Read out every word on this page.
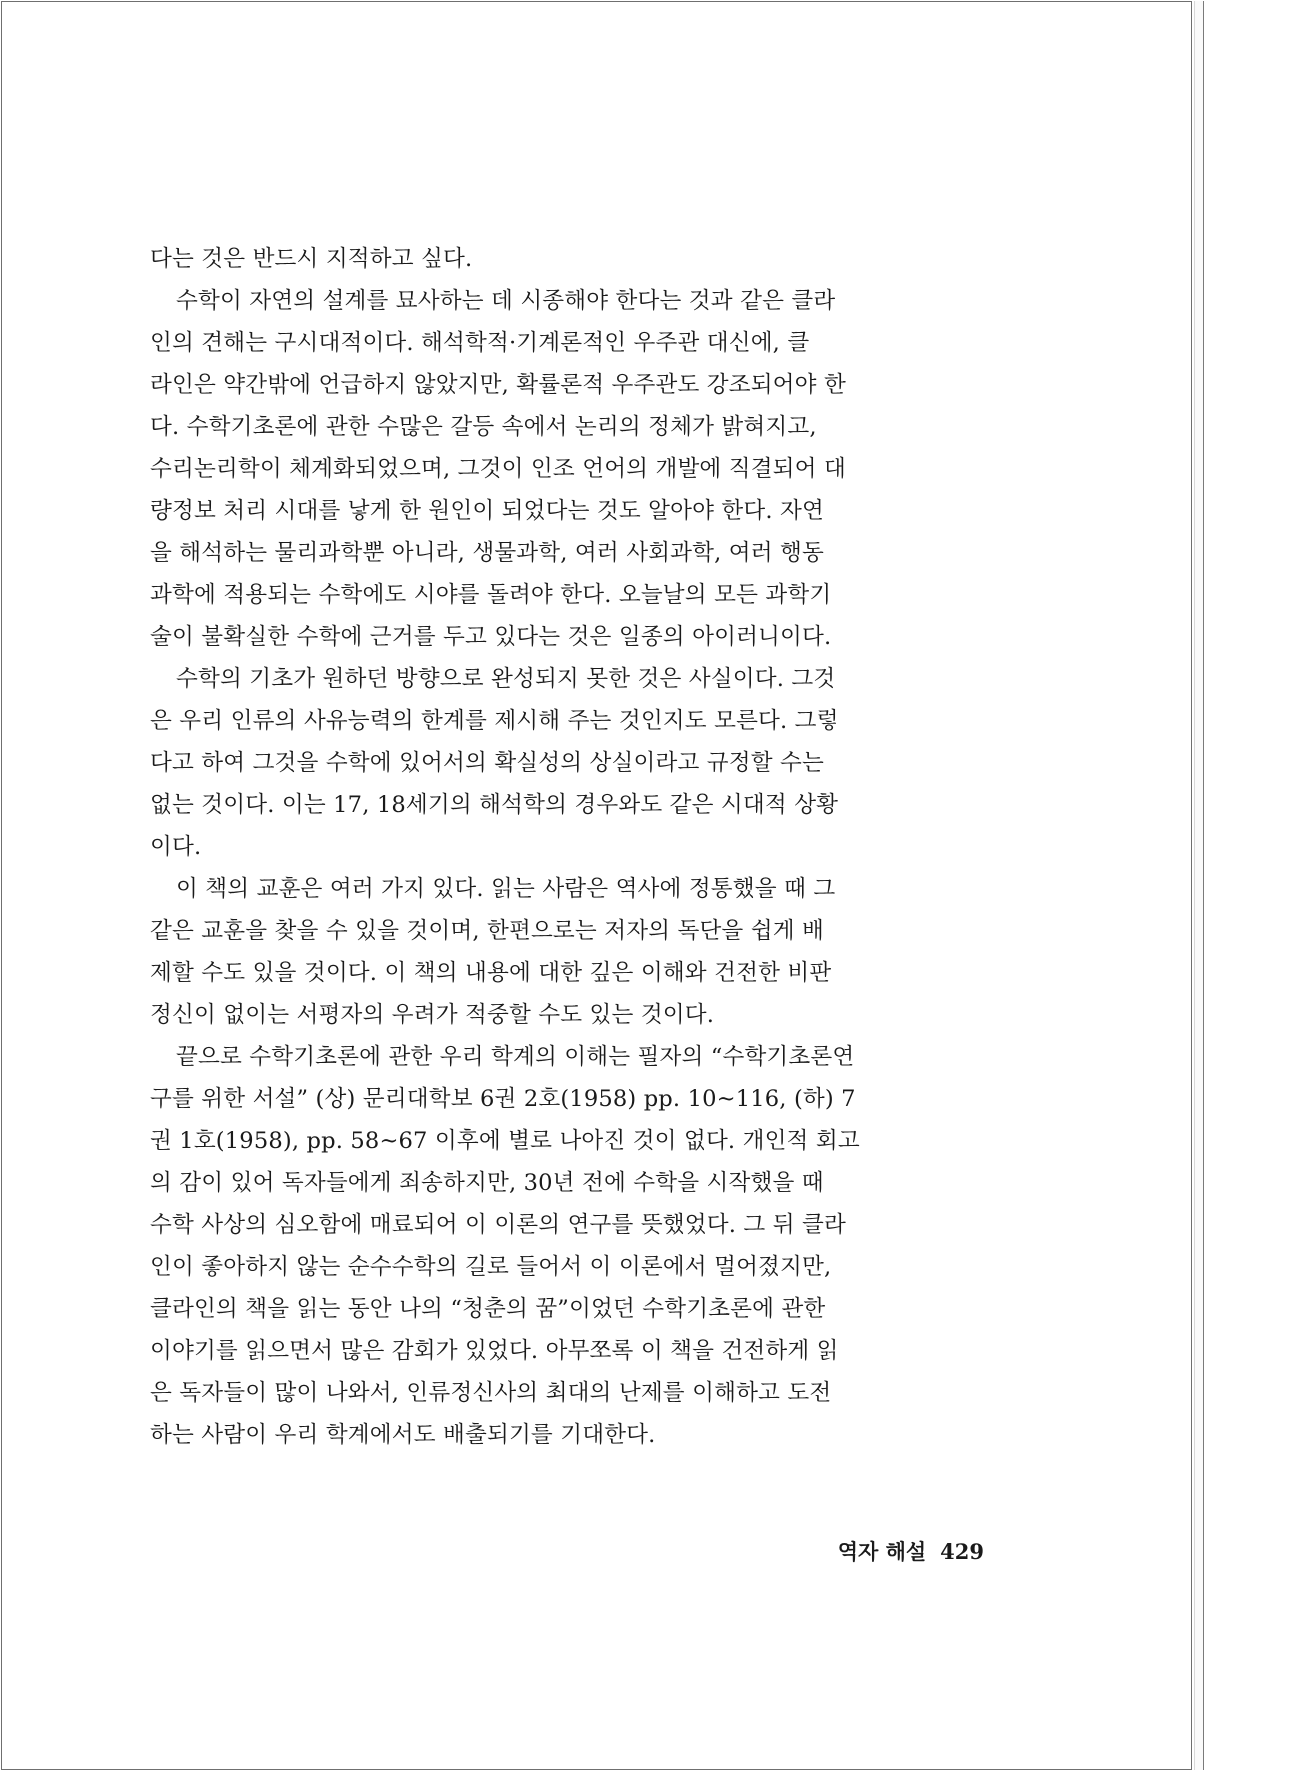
다는 것은 반드시 지적하고 싶다.
수학이 자연의 설계를 묘사하는 데 시종해야 한다는 것과 같은 클라
인의 견해는 구시대적이다. 해석학적·기계론적인 우주관 대신에, 클
라인은 약간밖에 언급하지 않았지만, 확률론적 우주관도 강조되어야 한
다. 수학기초론에 관한 수많은 갈등 속에서 논리의 정체가 밝혀지고,
수리논리학이 체계화되었으며, 그것이 인조 언어의 개발에 직결되어 대
량정보 처리 시대를 낳게 한 원인이 되었다는 것도 알아야 한다. 자연
을 해석하는 물리과학뿐 아니라, 생물과학, 여러 사회과학, 여러 행동
과학에 적용되는 수학에도 시야를 돌려야 한다. 오늘날의 모든 과학기
술이 불확실한 수학에 근거를 두고 있다는 것은 일종의 아이러니이다.
수학의 기초가 원하던 방향으로 완성되지 못한 것은 사실이다. 그것
은 우리 인류의 사유능력의 한계를 제시해 주는 것인지도 모른다. 그렇
다고 하여 그것을 수학에 있어서의 확실성의 상실이라고 규정할 수는
없는 것이다. 이는 17, 18세기의 해석학의 경우와도 같은 시대적 상황
이다.
이 책의 교훈은 여러 가지 있다. 읽는 사람은 역사에 정통했을 때 그
같은 교훈을 찾을 수 있을 것이며, 한편으로는 저자의 독단을 쉽게 배
제할 수도 있을 것이다. 이 책의 내용에 대한 깊은 이해와 건전한 비판
정신이 없이는 서평자의 우려가 적중할 수도 있는 것이다.
끝으로 수학기초론에 관한 우리 학계의 이해는 필자의 “수학기초론연
구를 위한 서설” (상) 문리대학보 6권 2호(1958) pp. 10~116, (하) 7
권 1호(1958), pp. 58~67 이후에 별로 나아진 것이 없다. 개인적 회고
의 감이 있어 독자들에게 죄송하지만, 30년 전에 수학을 시작했을 때
수학 사상의 심오함에 매료되어 이 이론의 연구를 뜻했었다. 그 뒤 클라
인이 좋아하지 않는 순수수학의 길로 들어서 이 이론에서 멀어졌지만,
클라인의 책을 읽는 동안 나의 “청춘의 꿈”이었던 수학기초론에 관한
이야기를 읽으면서 많은 감회가 있었다. 아무쪼록 이 책을 건전하게 읽
은 독자들이 많이 나와서, 인류정신사의 최대의 난제를 이해하고 도전
하는 사람이 우리 학계에서도 배출되기를 기대한다.
역자 해설 429
